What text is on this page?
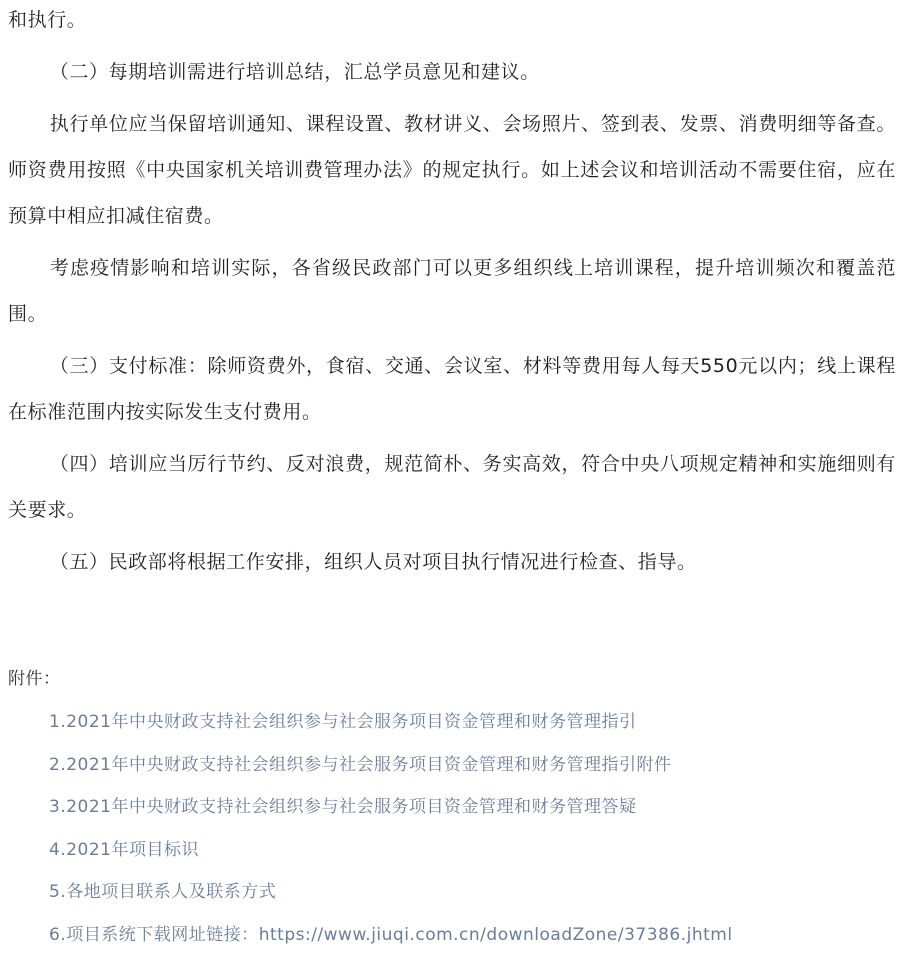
和执行。

（二）每期培训需进行培训总结，汇总学员意见和建议。

执行单位应当保留培训通知、课程设置、教材讲义、会场照片、签到表、发票、消费明细等备查。师资费用按照《中央国家机关培训费管理办法》的规定执行。如上述会议和培训活动不需要住宿，应在预算中相应扣减住宿费。

考虑疫情影响和培训实际，各省级民政部门可以更多组织线上培训课程，提升培训频次和覆盖范围。

（三）支付标准：除师资费外，食宿、交通、会议室、材料等费用每人每天550元以内；线上课程在标准范围内按实际发生支付费用。

（四）培训应当厉行节约、反对浪费，规范简朴、务实高效，符合中央八项规定精神和实施细则有关要求。

（五）民政部将根据工作安排，组织人员对项目执行情况进行检查、指导。

附件：

1.2021年中央财政支持社会组织参与社会服务项目资金管理和财务管理指引
2.2021年中央财政支持社会组织参与社会服务项目资金管理和财务管理指引附件
3.2021年中央财政支持社会组织参与社会服务项目资金管理和财务管理答疑
4.2021年项目标识
5.各地项目联系人及联系方式
6.项目系统下载网址链接：https://www.jiuqi.com.cn/downloadZone/37386.jhtml
